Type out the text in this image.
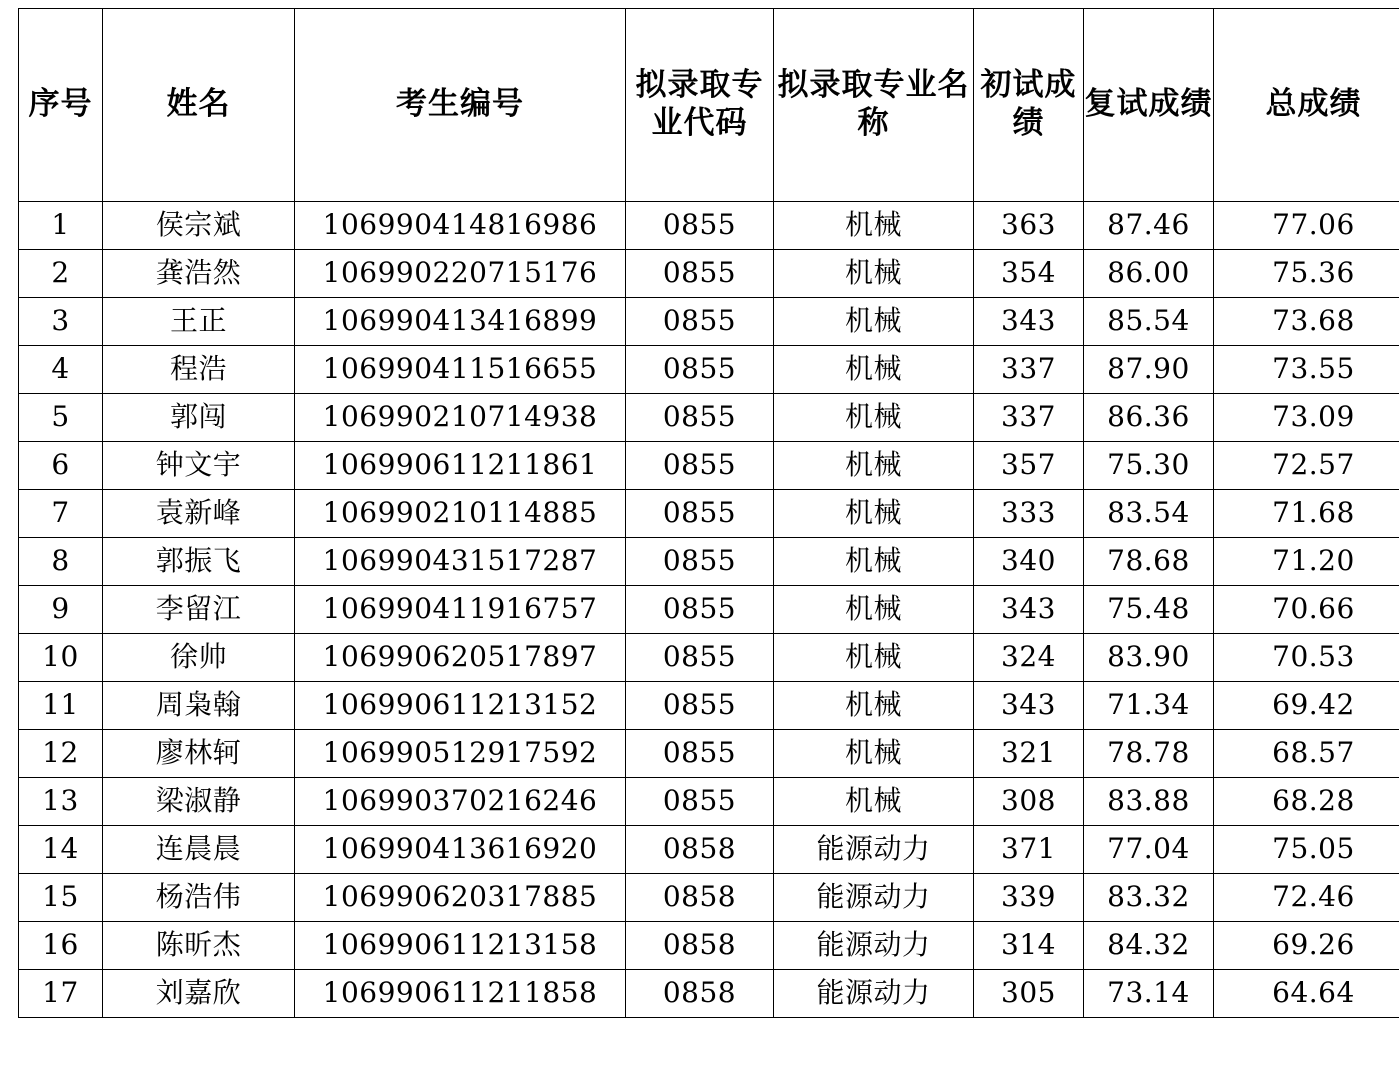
序号	姓名	考生编号	拟录取专业代码	拟录取专业名称	初试成绩	复试成绩	总成绩
1	侯宗斌	106990414816986	0855	机械	363	87.46	77.06
2	龚浩然	106990220715176	0855	机械	354	86.00	75.36
3	王正	106990413416899	0855	机械	343	85.54	73.68
4	程浩	106990411516655	0855	机械	337	87.90	73.55
5	郭闯	106990210714938	0855	机械	337	86.36	73.09
6	钟文宇	106990611211861	0855	机械	357	75.30	72.57
7	袁新峰	106990210114885	0855	机械	333	83.54	71.68
8	郭振飞	106990431517287	0855	机械	340	78.68	71.20
9	李留江	106990411916757	0855	机械	343	75.48	70.66
10	徐帅	106990620517897	0855	机械	324	83.90	70.53
11	周枭翰	106990611213152	0855	机械	343	71.34	69.42
12	廖林轲	106990512917592	0855	机械	321	78.78	68.57
13	梁淑静	106990370216246	0855	机械	308	83.88	68.28
14	连晨晨	106990413616920	0858	能源动力	371	77.04	75.05
15	杨浩伟	106990620317885	0858	能源动力	339	83.32	72.46
16	陈昕杰	106990611213158	0858	能源动力	314	84.32	69.26
17	刘嘉欣	106990611211858	0858	能源动力	305	73.14	64.64
